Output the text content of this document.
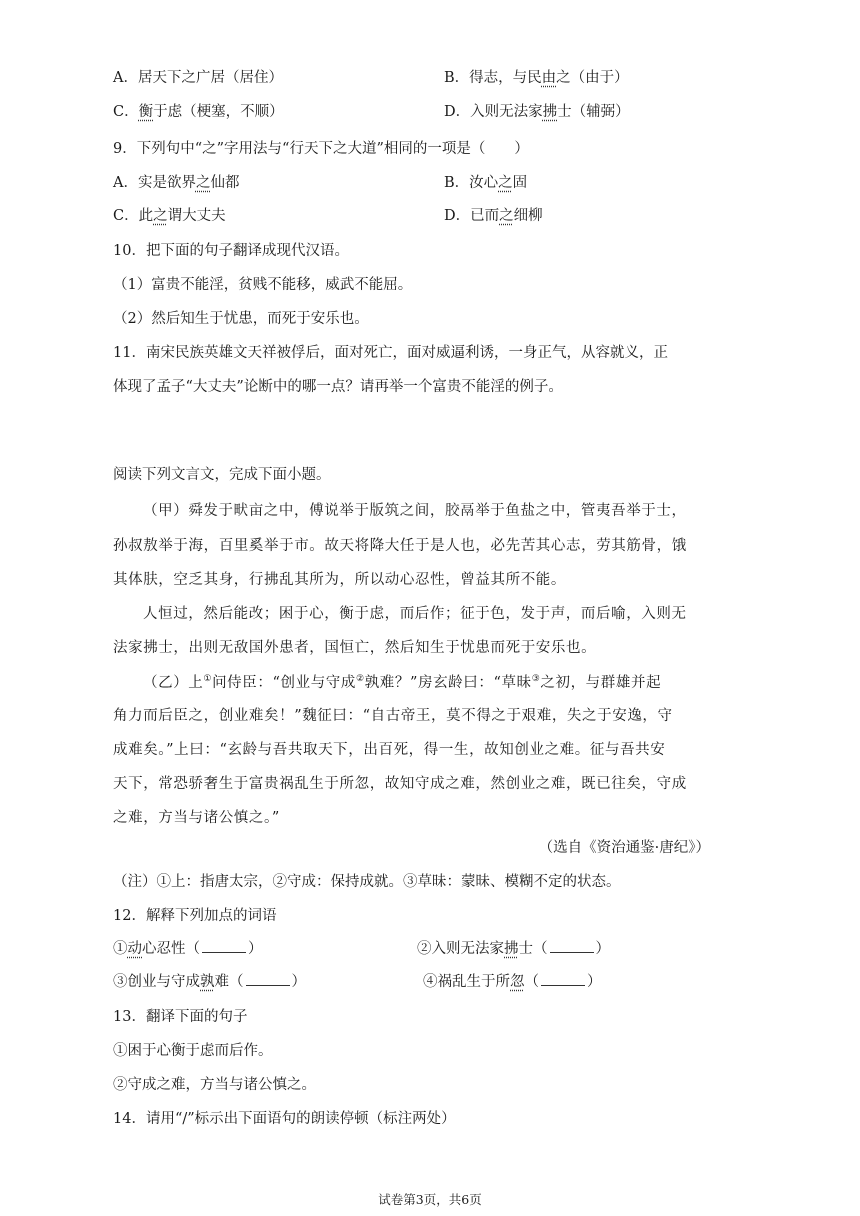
A．居天下之广居（居住）	B．得志，与民由之（由于）
C．衡于虑（梗塞，不顺）	D．入则无法家拂士（辅弼）
9．下列句中“之”字用法与“行天下之大道”相同的一项是（　　）
A．实是欲界之仙都	B．汝心之固
C．此之谓大丈夫	D．已而之细柳
10．把下面的句子翻译成现代汉语。
（1）富贵不能淫，贫贱不能移，威武不能屈。
（2）然后知生于忧患，而死于安乐也。
11．南宋民族英雄文天祥被俘后，面对死亡，面对威逼利诱，一身正气，从容就义，正
体现了孟子“大丈夫”论断中的哪一点？请再举一个富贵不能淫的例子。
阅读下列文言文，完成下面小题。
（甲）舜发于畎亩之中，傅说举于版筑之间，胶鬲举于鱼盐之中，管夷吾举于士，
孙叔敖举于海，百里奚举于市。故天将降大任于是人也，必先苦其心志，劳其筋骨，饿
其体肤，空乏其身，行拂乱其所为，所以动心忍性，曾益其所不能。
人恒过，然后能改；困于心，衡于虑，而后作；征于色，发于声，而后喻，入则无
法家拂士，出则无敌国外患者，国恒亡，然后知生于忧患而死于安乐也。
（乙）上①问侍臣：“创业与守成②孰难？”房玄龄曰：“草昧③之初，与群雄并起
角力而后臣之，创业难矣！”魏征曰：“自古帝王，莫不得之于艰难，失之于安逸，守
成难矣。”上曰：“玄龄与吾共取天下，出百死，得一生，故知创业之难。征与吾共安
天下，常恐骄奢生于富贵祸乱生于所忽，故知守成之难，然创业之难，既已往矣，守成
之难，方当与诸公慎之。”
（选自《资治通鉴·唐纪》）
（注）①上：指唐太宗，②守成：保持成就。③草昧：蒙昧、模糊不定的状态。
12．解释下列加点的词语
①动心忍性（	）	②入则无法家拂士（	）
③创业与守成孰难（	）	④祸乱生于所忽（	）
13．翻译下面的句子
①困于心衡于虑而后作。
②守成之难，方当与诸公慎之。
14．请用“/”标示出下面语句的朗读停顿（标注两处）
试卷第3页，共6页
